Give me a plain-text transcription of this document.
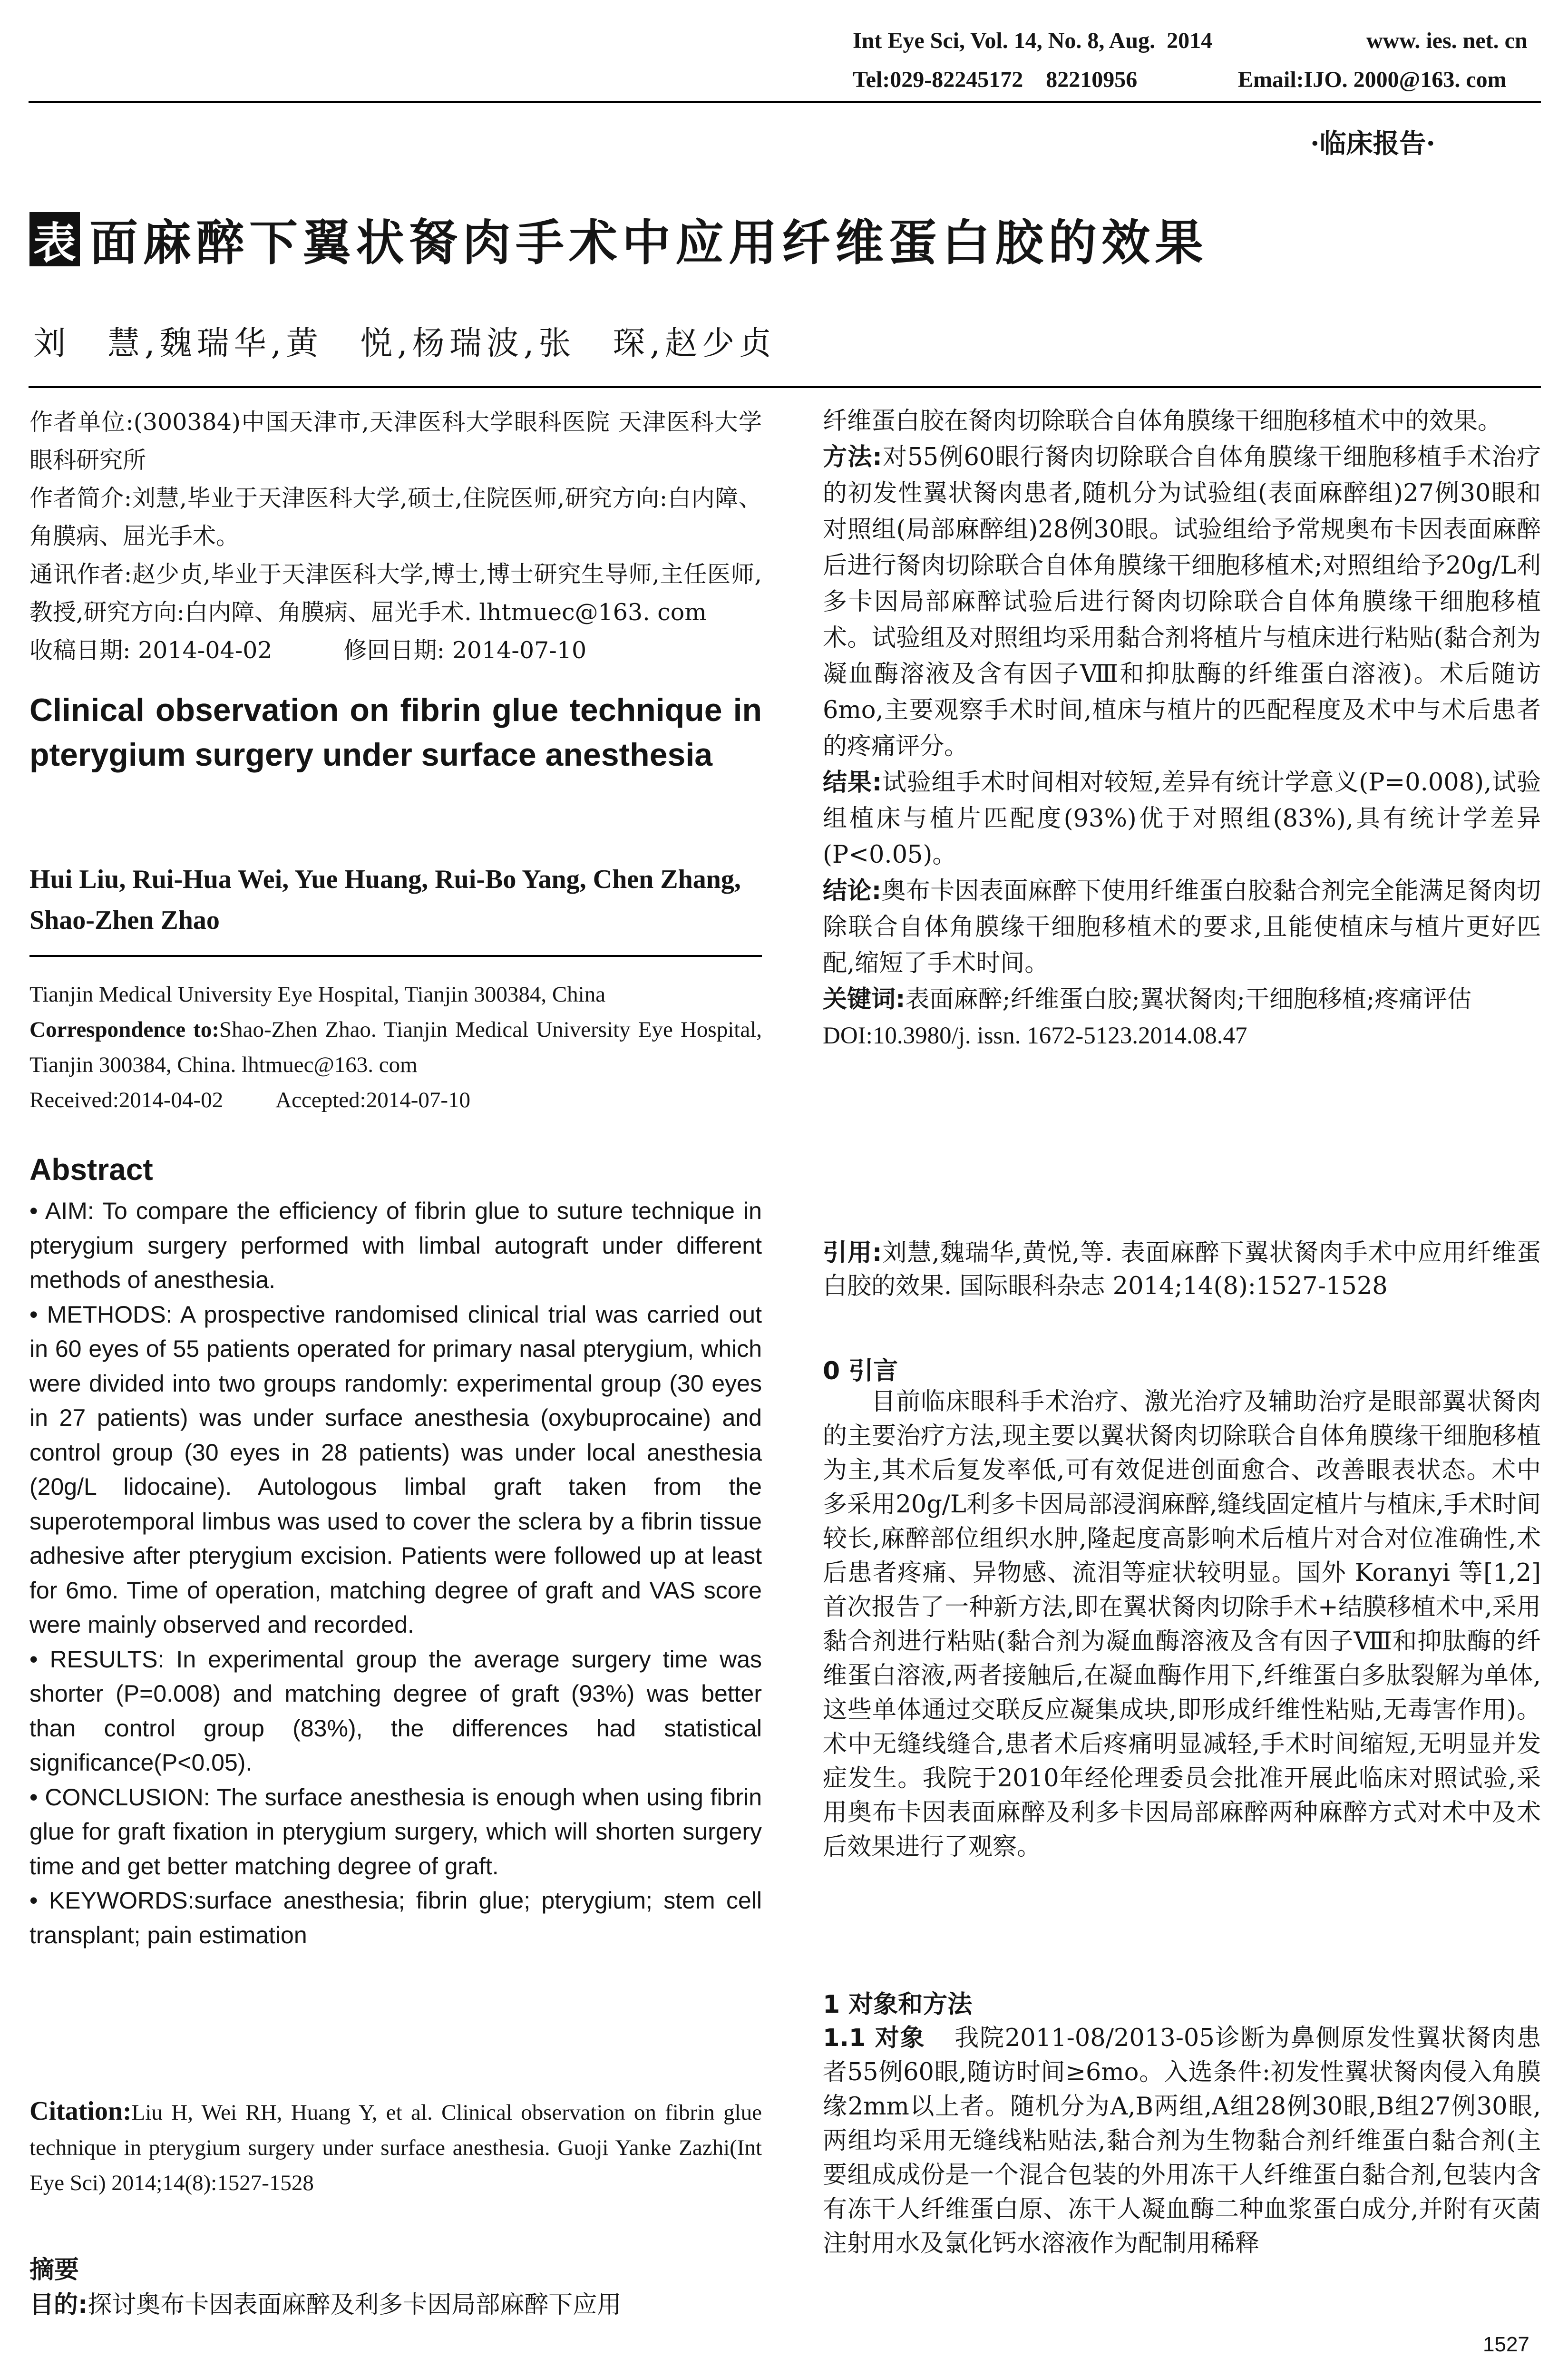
Int Eye Sci, Vol. 14, No. 8, Aug.  2014	www. ies. net. cn
Tel:029-82245172    82210956	Email:IJO. 2000@163. com
·临床报告·
表 面麻醉下翼状胬肉手术中应用纤维蛋白胶的效果
刘　慧,魏瑞华,黄　悦,杨瑞波,张　琛,赵少贞

作者单位:(300384)中国天津市,天津医科大学眼科医院 天津医科大学眼科研究所

作者简介:刘慧,毕业于天津医科大学,硕士,住院医师,研究方向:白内障、角膜病、屈光手术。

通讯作者:赵少贞,毕业于天津医科大学,博士,博士研究生导师,主任医师,教授,研究方向:白内障、角膜病、屈光手术. lhtmuec@163. com

收稿日期: 2014-04-02	修回日期: 2014-07-10

Clinical observation on fibrin glue technique in pterygium surgery under surface anesthesia
Hui Liu, Rui-Hua Wei, Yue Huang, Rui-Bo Yang, Chen Zhang, Shao-Zhen Zhao
Tianjin Medical University Eye Hospital, Tianjin 300384, China
Correspondence to:Shao-Zhen Zhao. Tianjin Medical University Eye Hospital, Tianjin 300384, China. lhtmuec@163. com
Received:2014-04-02 Accepted:2014-07-10
Abstract

• AIM: To compare the efficiency of fibrin glue to suture technique in pterygium surgery performed with limbal autograft under different methods of anesthesia.

• METHODS: A prospective randomised clinical trial was carried out in 60 eyes of 55 patients operated for primary nasal pterygium, which were divided into two groups randomly: experimental group (30 eyes in 27 patients) was under surface anesthesia (oxybuprocaine) and control group (30 eyes in 28 patients) was under local anesthesia (20g/L lidocaine). Autologous limbal graft taken from the superotemporal limbus was used to cover the sclera by a fibrin tissue adhesive after pterygium excision. Patients were followed up at least for 6mo. Time of operation, matching degree of graft and VAS score were mainly observed and recorded.

• RESULTS: In experimental group the average surgery time was shorter (P=0.008) and matching degree of graft (93%) was better than control group (83%), the differences had statistical significance(P<0.05).

• CONCLUSION: The surface anesthesia is enough when using fibrin glue for graft fixation in pterygium surgery, which will shorten surgery time and get better matching degree of graft.

• KEYWORDS:surface anesthesia; fibrin glue; pterygium; stem cell transplant; pain estimation

Citation:Liu H, Wei RH, Huang Y, et al. Clinical observation on fibrin glue technique in pterygium surgery under surface anesthesia. Guoji Yanke Zazhi(Int Eye Sci) 2014;14(8):1527-1528
摘要
目的:探讨奥布卡因表面麻醉及利多卡因局部麻醉下应用

纤维蛋白胶在胬肉切除联合自体角膜缘干细胞移植术中的效果。

方法:对55例60眼行胬肉切除联合自体角膜缘干细胞移植手术治疗的初发性翼状胬肉患者,随机分为试验组(表面麻醉组)27例30眼和对照组(局部麻醉组)28例30眼。试验组给予常规奥布卡因表面麻醉后进行胬肉切除联合自体角膜缘干细胞移植术;对照组给予20g/L利多卡因局部麻醉试验后进行胬肉切除联合自体角膜缘干细胞移植术。试验组及对照组均采用黏合剂将植片与植床进行粘贴(黏合剂为凝血酶溶液及含有因子Ⅷ和抑肽酶的纤维蛋白溶液)。术后随访6mo,主要观察手术时间,植床与植片的匹配程度及术中与术后患者的疼痛评分。

结果:试验组手术时间相对较短,差异有统计学意义(P=0.008),试验组植床与植片匹配度(93%)优于对照组(83%),具有统计学差异(P<0.05)。

结论:奥布卡因表面麻醉下使用纤维蛋白胶黏合剂完全能满足胬肉切除联合自体角膜缘干细胞移植术的要求,且能使植床与植片更好匹配,缩短了手术时间。

关键词:表面麻醉;纤维蛋白胶;翼状胬肉;干细胞移植;疼痛评估

DOI:10.3980/j. issn. 1672-5123.2014.08.47

引用:刘慧,魏瑞华,黄悦,等. 表面麻醉下翼状胬肉手术中应用纤维蛋白胶的效果. 国际眼科杂志 2014;14(8):1527-1528
0 引言
目前临床眼科手术治疗、激光治疗及辅助治疗是眼部翼状胬肉的主要治疗方法,现主要以翼状胬肉切除联合自体角膜缘干细胞移植为主,其术后复发率低,可有效促进创面愈合、改善眼表状态。术中多采用20g/L利多卡因局部浸润麻醉,缝线固定植片与植床,手术时间较长,麻醉部位组织水肿,隆起度高影响术后植片对合对位准确性,术后患者疼痛、异物感、流泪等症状较明显。国外 Koranyi 等[1,2]首次报告了一种新方法,即在翼状胬肉切除手术+结膜移植术中,采用黏合剂进行粘贴(黏合剂为凝血酶溶液及含有因子Ⅷ和抑肽酶的纤维蛋白溶液,两者接触后,在凝血酶作用下,纤维蛋白多肽裂解为单体,这些单体通过交联反应凝集成块,即形成纤维性粘贴,无毒害作用)。术中无缝线缝合,患者术后疼痛明显减轻,手术时间缩短,无明显并发症发生。我院于2010年经伦理委员会批准开展此临床对照试验,采用奥布卡因表面麻醉及利多卡因局部麻醉两种麻醉方式对术中及术后效果进行了观察。
1 对象和方法
1.1 对象 我院2011-08/2013-05诊断为鼻侧原发性翼状胬肉患者55例60眼,随访时间≥6mo。入选条件:初发性翼状胬肉侵入角膜缘2mm以上者。随机分为A,B两组,A组28例30眼,B组27例30眼,两组均采用无缝线粘贴法,黏合剂为生物黏合剂纤维蛋白黏合剂(主要组成成份是一个混合包装的外用冻干人纤维蛋白黏合剂,包装内含有冻干人纤维蛋白原、冻干人凝血酶二种血浆蛋白成分,并附有灭菌注射用水及氯化钙水溶液作为配制用稀释
1527
